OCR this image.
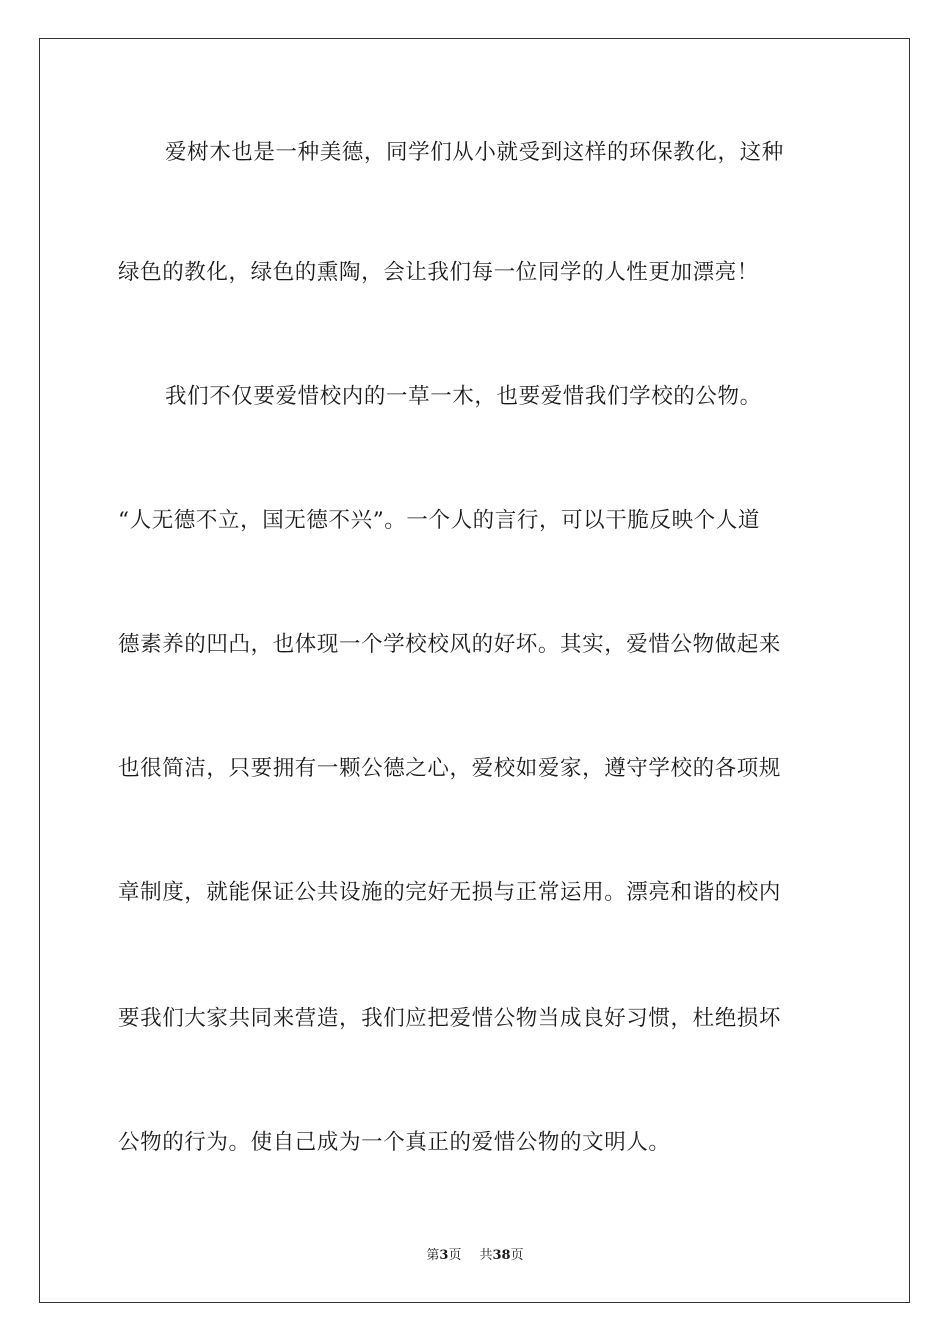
爱树木也是一种美德，同学们从小就受到这样的环保教化，这种
绿色的教化，绿色的熏陶，会让我们每一位同学的人性更加漂亮！
我们不仅要爱惜校内的一草一木，也要爱惜我们学校的公物。
“人无德不立，国无德不兴”。一个人的言行，可以干脆反映个人道
德素养的凹凸，也体现一个学校校风的好坏。其实，爱惜公物做起来
也很简洁，只要拥有一颗公德之心，爱校如爱家，遵守学校的各项规
章制度，就能保证公共设施的完好无损与正常运用。漂亮和谐的校内
要我们大家共同来营造，我们应把爱惜公物当成良好习惯，杜绝损坏
公物的行为。使自己成为一个真正的爱惜公物的文明人。
第3页 共38页
